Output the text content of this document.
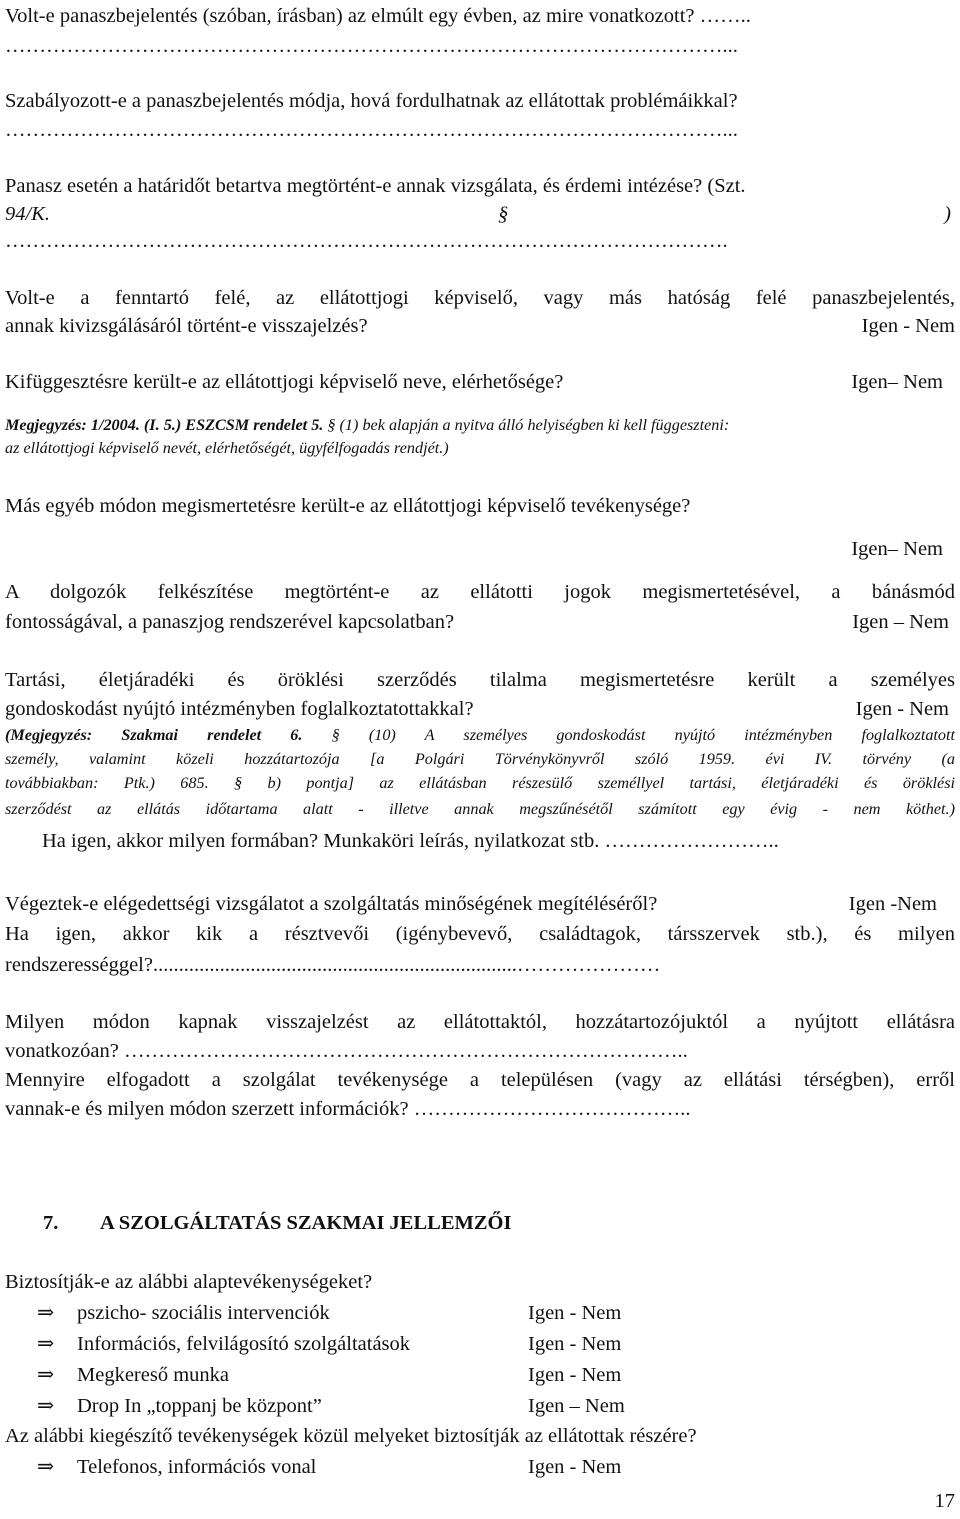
Volt-e panaszbejelentés (szóban, írásban) az elmúlt egy évben, az mire vonatkozott? ……..
……………………………………………………………………………………………...
Szabályozott-e a panaszbejelentés módja, hová fordulhatnak az ellátottak problémáikkal?
……………………………………………………………………………………………...
Panasz esetén a határidőt betartva megtörtént-e annak vizsgálata, és érdemi intézése? (Szt.
94/K.	§	)
…………………………………………………………………………………………….
Volt-e a fenntartó felé, az ellátottjogi képviselő, vagy más hatóság felé panaszbejelentés,
annak kivizsgálásáról történt-e visszajelzés?	Igen - Nem
Kifüggesztésre került-e az ellátottjogi képviselő neve, elérhetősége?	Igen– Nem
Megjegyzés: 1/2004. (I. 5.) ESZCSM rendelet 5. § (1) bek alapján a nyitva álló helyiségben ki kell függeszteni:
az ellátottjogi képviselő nevét, elérhetőségét, ügyfélfogadás rendjét.)
Más egyéb módon megismertetésre került-e az ellátottjogi képviselő tevékenysége?
Igen– Nem
A dolgozók felkészítése megtörtént-e az ellátotti jogok megismertetésével, a bánásmód
fontosságával, a panaszjog rendszerével kapcsolatban?	Igen – Nem
Tartási, életjáradéki és öröklési szerződés tilalma megismertetésre került a személyes
gondoskodást nyújtó intézményben foglalkoztatottakkal?	Igen - Nem
(Megjegyzés: Szakmai rendelet 6. § (10) A személyes gondoskodást nyújtó intézményben foglalkoztatott
személy, valamint közeli hozzátartozója [a Polgári Törvénykönyvről szóló 1959. évi IV. törvény (a
továbbiakban: Ptk.) 685. § b) pontja] az ellátásban részesülő személlyel tartási, életjáradéki és öröklési
szerződést az ellátás időtartama alatt - illetve annak megszűnésétől számított egy évig - nem köthet.)
Ha igen, akkor milyen formában? Munkaköri leírás, nyilatkozat stb. ……………………..
Végeztek-e elégedettségi vizsgálatot a szolgáltatás minőségének megítéléséről?	Igen -Nem
Ha igen, akkor kik a résztvevői (igénybevevő, családtagok, társszervek stb.), és milyen
rendszerességgel?.......................................................................…………………
Milyen módon kapnak visszajelzést az ellátottaktól, hozzátartozójuktól a nyújtott ellátásra
vonatkozóan? ………………………………………………………………………..
Mennyire elfogadott a szolgálat tevékenysége a településen (vagy az ellátási térségben), erről
vannak-e és milyen módon szerzett információk? …………………………………..
7. A SZOLGÁLTATÁS SZAKMAI JELLEMZŐI
Biztosítják-e az alábbi alaptevékenységeket?
⇒ pszicho- szociális intervenciók	Igen - Nem
⇒ Információs, felvilágosító szolgáltatások	Igen - Nem
⇒ Megkereső munka	Igen - Nem
⇒ Drop In „toppanj be központ”	Igen – Nem
Az alábbi kiegészítő tevékenységek közül melyeket biztosítják az ellátottak részére?
⇒ Telefonos, információs vonal	Igen - Nem
17
